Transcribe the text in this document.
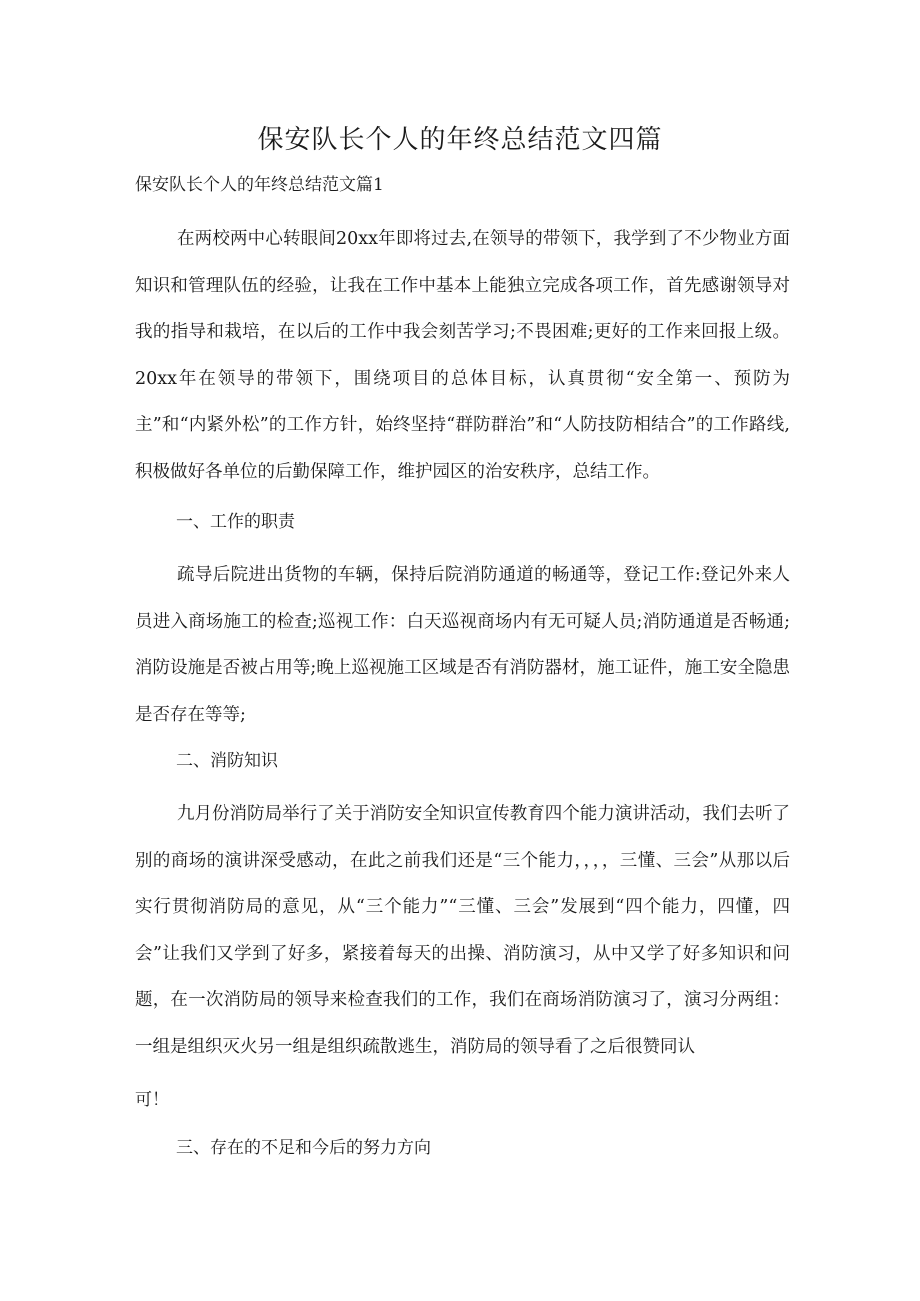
保安队长个人的年终总结范文四篇
保安队长个人的年终总结范文篇1
在两校两中心转眼间20xx年即将过去,在领导的带领下，我学到了不少物业方面知识和管理队伍的经验，让我在工作中基本上能独立完成各项工作，首先感谢领导对我的指导和栽培，在以后的工作中我会刻苦学习;不畏困难;更好的工作来回报上级。20xx年在领导的带领下，围绕项目的总体目标，认真贯彻“安全第一、预防为主”和“内紧外松”的工作方针，始终坚持“群防群治”和“人防技防相结合”的工作路线,积极做好各单位的后勤保障工作，维护园区的治安秩序，总结工作。
一、工作的职责
疏导后院进出货物的车辆，保持后院消防通道的畅通等，登记工作:登记外来人员进入商场施工的检查;巡视工作：白天巡视商场内有无可疑人员;消防通道是否畅通;消防设施是否被占用等;晚上巡视施工区域是否有消防器材，施工证件，施工安全隐患是否存在等等;
二、消防知识
九月份消防局举行了关于消防安全知识宣传教育四个能力演讲活动，我们去听了别的商场的演讲深受感动，在此之前我们还是“三个能力，，，，三懂、三会”从那以后实行贯彻消防局的意见，从“三个能力”“三懂、三会”发展到“四个能力，四懂，四会”让我们又学到了好多，紧接着每天的出操、消防演习，从中又学了好多知识和问题，在一次消防局的领导来检查我们的工作，我们在商场消防演习了，演习分两组：一组是组织灭火另一组是组织疏散逃生，消防局的领导看了之后很赞同认
可！
三、存在的不足和今后的努力方向
